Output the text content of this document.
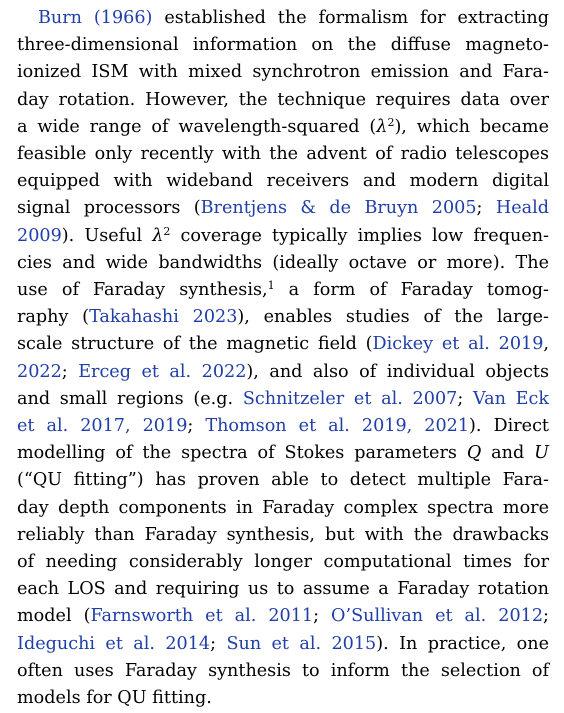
Burn (1966) established the formalism for extracting
three-dimensional information on the diffuse magneto-
ionized ISM with mixed synchrotron emission and Fara-
day rotation. However, the technique requires data over
a wide range of wavelength-squared $(\lambda^2)$, which became
feasible only recently with the advent of radio telescopes
equipped with wideband receivers and modern digital
signal processors (Brentjens & de Bruyn 2005; Heald
2009). Useful $\lambda^2$ coverage typically implies low frequen-
cies and wide bandwidths (ideally octave or more). The
use of Faraday synthesis,$^1$ a form of Faraday tomog-
raphy (Takahashi 2023), enables studies of the large-
scale structure of the magnetic field (Dickey et al. 2019,
2022; Erceg et al. 2022), and also of individual objects
and small regions (e.g. Schnitzeler et al. 2007; Van Eck
et al. 2017, 2019; Thomson et al. 2019, 2021). Direct
modelling of the spectra of Stokes parameters Q and U
(“QU fitting”) has proven able to detect multiple Fara-
day depth components in Faraday complex spectra more
reliably than Faraday synthesis, but with the drawbacks
of needing considerably longer computational times for
each LOS and requiring us to assume a Faraday rotation
model (Farnsworth et al. 2011; O’Sullivan et al. 2012;
Ideguchi et al. 2014; Sun et al. 2015). In practice, one
often uses Faraday synthesis to inform the selection of
models for QU fitting.
